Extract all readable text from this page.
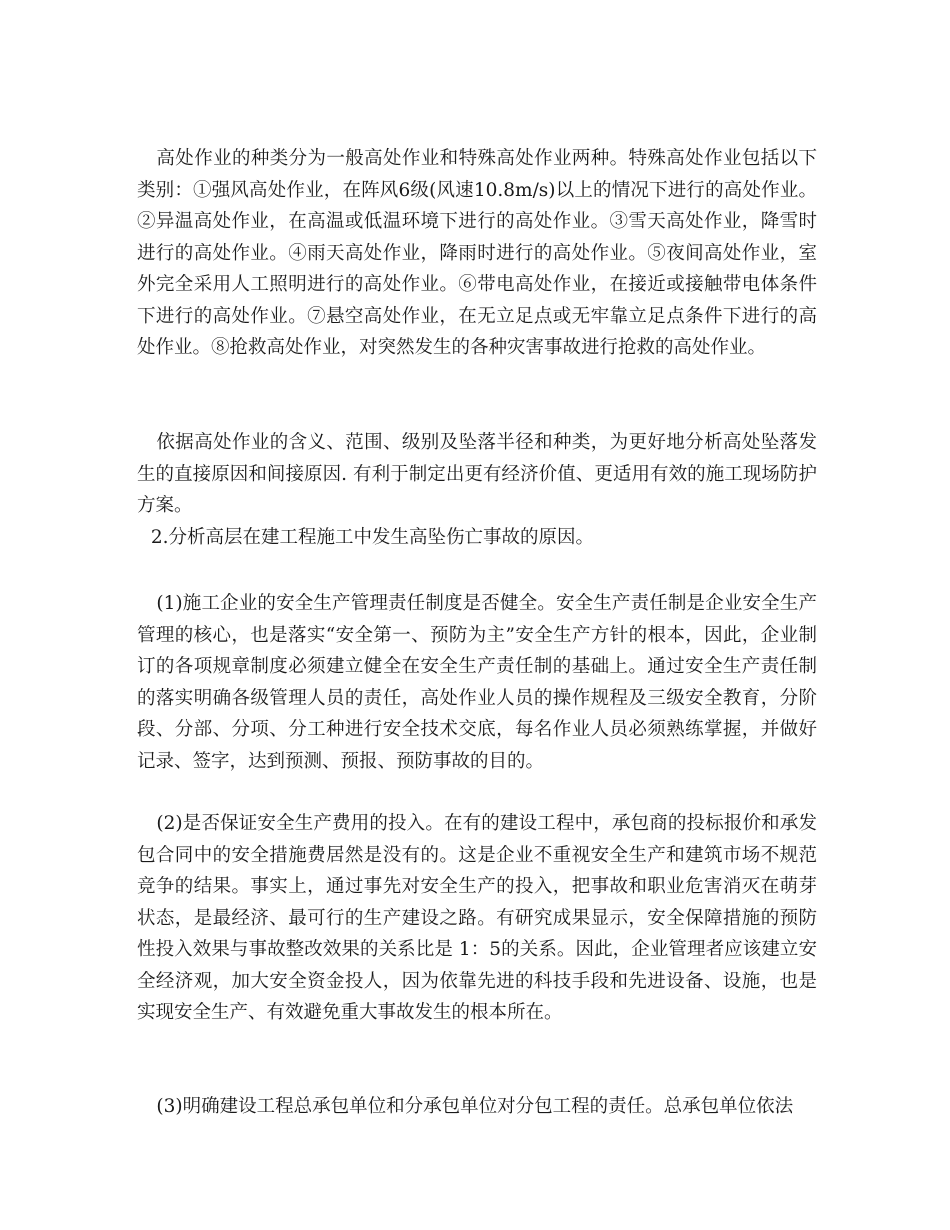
高处作业的种类分为一般高处作业和特殊高处作业两种。特殊高处作业包括以下类别：①强风高处作业，在阵风6级(风速10.8m/s)以上的情况下进行的高处作业。②异温高处作业，在高温或低温环境下进行的高处作业。③雪天高处作业，降雪时进行的高处作业。④雨天高处作业，降雨时进行的高处作业。⑤夜间高处作业，室外完全采用人工照明进行的高处作业。⑥带电高处作业，在接近或接触带电体条件下进行的高处作业。⑦悬空高处作业，在无立足点或无牢靠立足点条件下进行的高处作业。⑧抢救高处作业，对突然发生的各种灾害事故进行抢救的高处作业。

依据高处作业的含义、范围、级别及坠落半径和种类，为更好地分析高处坠落发生的直接原因和间接原因. 有利于制定出更有经济价值、更适用有效的施工现场防护方案。

2.分析高层在建工程施工中发生高坠伤亡事故的原因。

(1)施工企业的安全生产管理责任制度是否健全。安全生产责任制是企业安全生产管理的核心，也是落实“安全第一、预防为主”安全生产方针的根本，因此，企业制订的各项规章制度必须建立健全在安全生产责任制的基础上。通过安全生产责任制的落实明确各级管理人员的责任，高处作业人员的操作规程及三级安全教育，分阶段、分部、分项、分工种进行安全技术交底，每名作业人员必须熟练掌握，并做好记录、签字，达到预测、预报、预防事故的目的。

(2)是否保证安全生产费用的投入。在有的建设工程中，承包商的投标报价和承发包合同中的安全措施费居然是没有的。这是企业不重视安全生产和建筑市场不规范竞争的结果。事实上，通过事先对安全生产的投入，把事故和职业危害消灭在萌芽状态，是最经济、最可行的生产建设之路。有研究成果显示，安全保障措施的预防性投入效果与事故整改效果的关系比是 1：5的关系。因此，企业管理者应该建立安全经济观，加大安全资金投人，因为依靠先进的科技手段和先进设备、设施，也是实现安全生产、有效避免重大事故发生的根本所在。

(3)明确建设工程总承包单位和分承包单位对分包工程的责任。总承包单位依法
